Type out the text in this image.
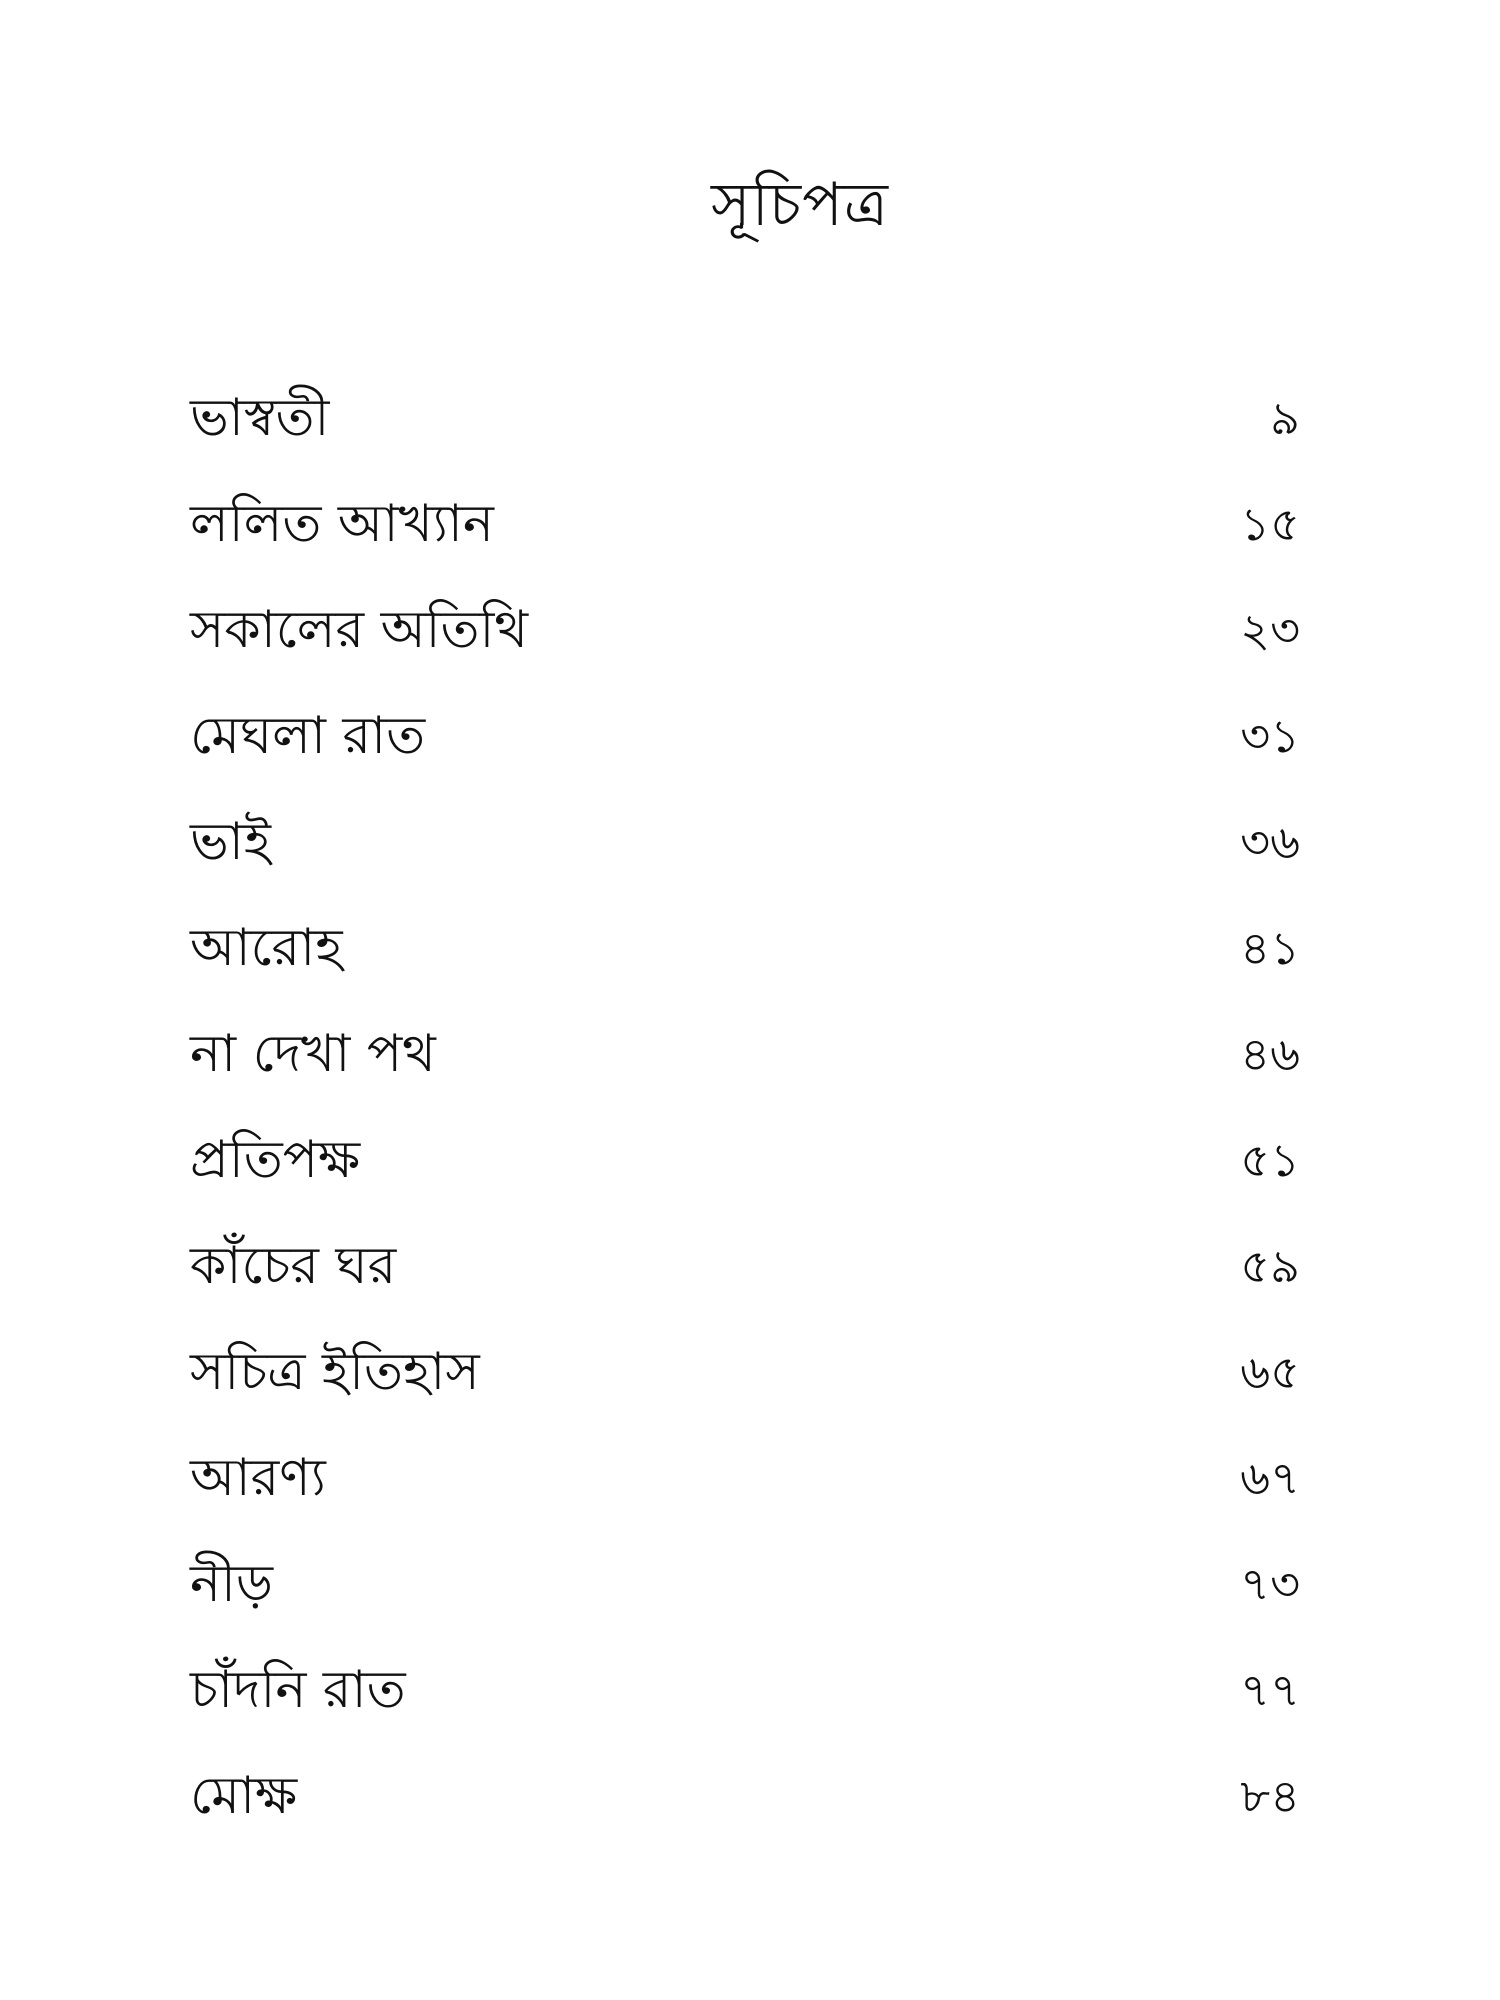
সূচিপত্র
ভাস্বতী	৯
ললিত আখ্যান	১৫
সকালের অতিথি	২৩
মেঘলা রাত	৩১
ভাই	৩৬
আরোহ	৪১
না দেখা পথ	৪৬
প্রতিপক্ষ	৫১
কাঁচের ঘর	৫৯
সচিত্র ইতিহাস	৬৫
আরণ্য	৬৭
নীড়	৭৩
চাঁদনি রাত	৭৭
মোক্ষ	৮৪
